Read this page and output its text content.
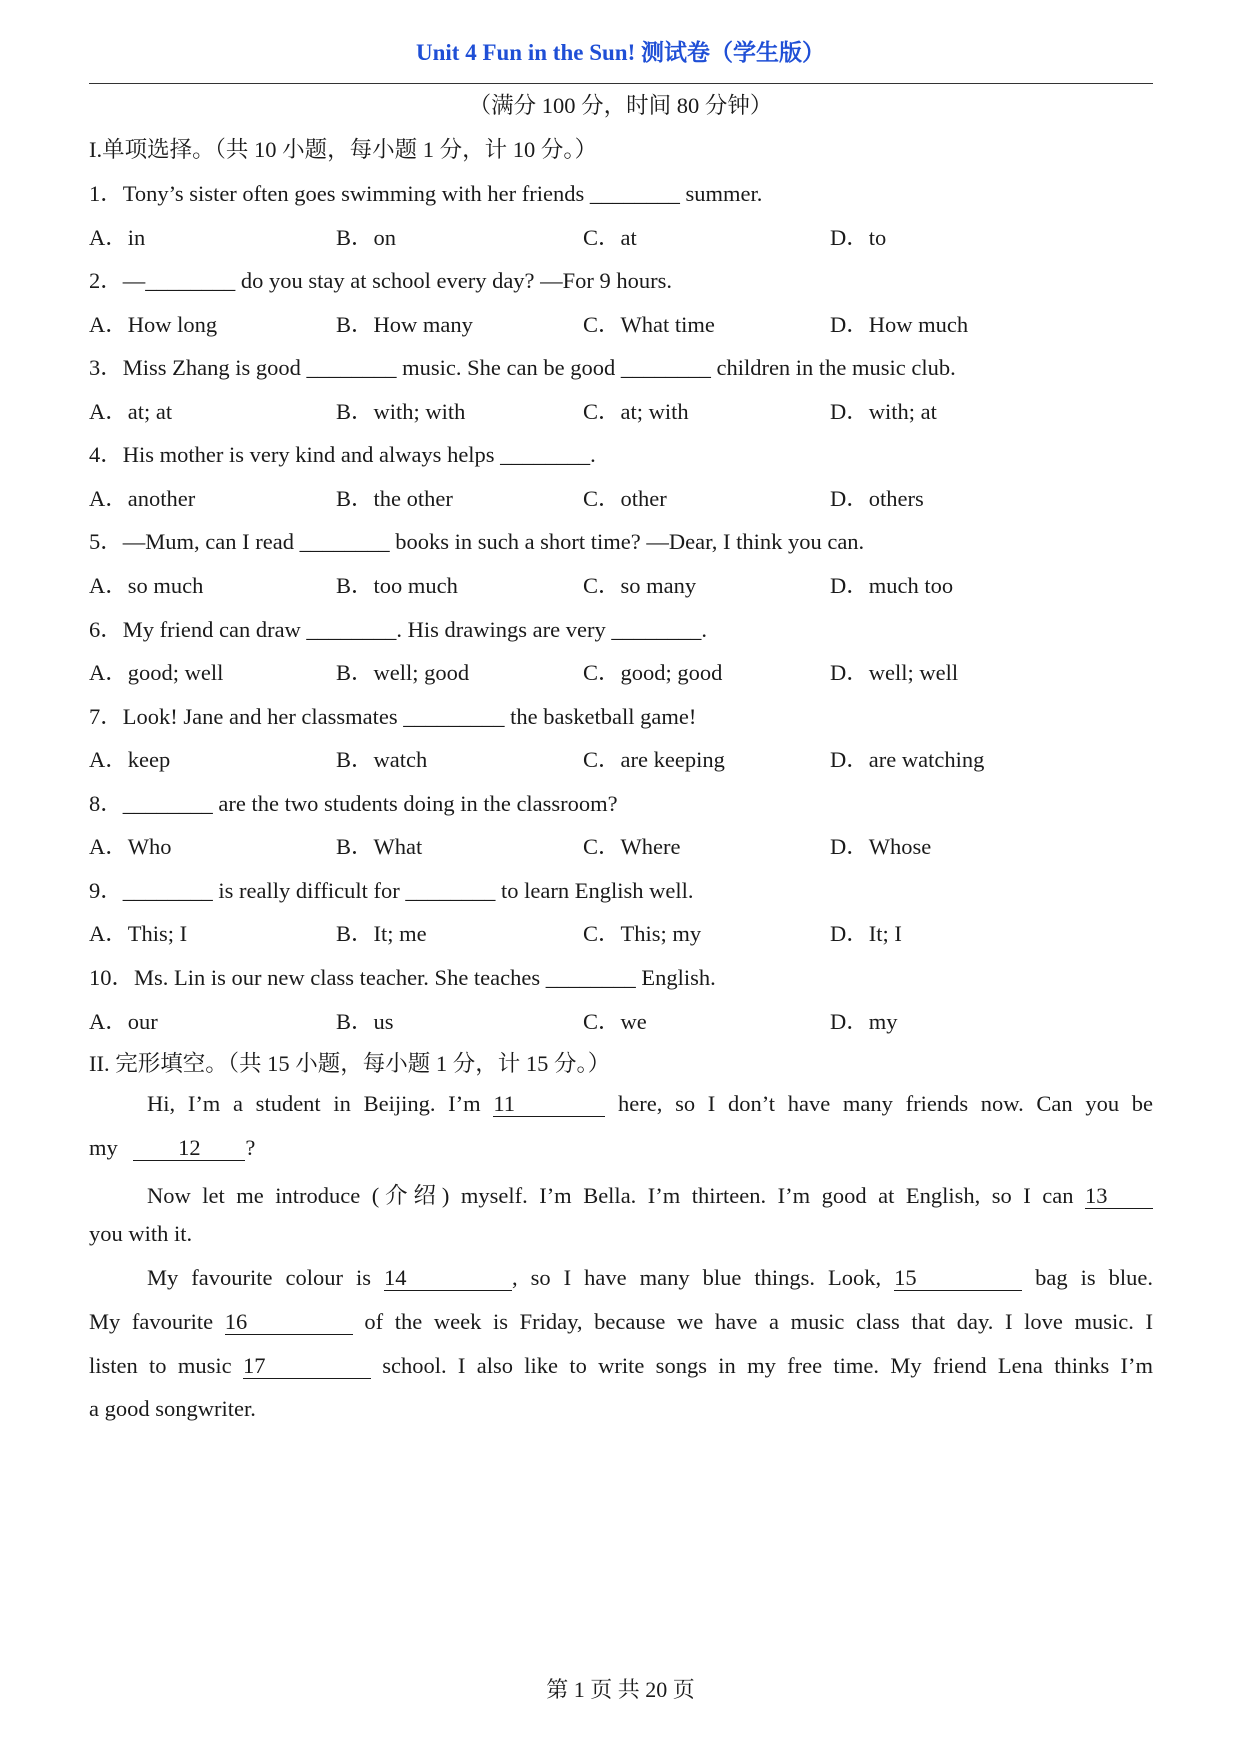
Unit 4 Fun in the Sun! 测试卷（学生版）
（满分 100 分，时间 80 分钟）
I.单项选择。（共 10 小题，每小题 1 分，计 10 分。）
1．Tony’s sister often goes swimming with her friends ________ summer.
A．in	B．on	C．at	D．to
2．—________ do you stay at school every day? —For 9 hours.
A．How long	B．How many	C．What time	D．How much
3．Miss Zhang is good ________ music. She can be good ________ children in the music club.
A．at; at	B．with; with	C．at; with	D．with; at
4．His mother is very kind and always helps ________.
A．another	B．the other	C．other	D．others
5．—Mum, can I read ________ books in such a short time? —Dear, I think you can.
A．so much	B．too much	C．so many	D．much too
6．My friend can draw ________. His drawings are very ________.
A．good; well	B．well; good	C．good; good	D．well; well
7．Look! Jane and her classmates _________ the basketball game!
A．keep	B．watch	C．are keeping	D．are watching
8．________ are the two students doing in the classroom?
A．Who	B．What	C．Where	D．Whose
9．________ is really difficult for ________ to learn English well.
A．This; I	B．It; me	C．This; my	D．It; I
10．Ms. Lin is our new class teacher. She teaches ________ English.
A．our	B．us	C．we	D．my
II. 完形填空。（共 15 小题，每小题 1 分，计 15 分。）
Hi, I’m a student in Beijing. I’m 11	here, so I don’t have many friends now. Can you be
my	12 ?
Now let me introduce (介绍) myself. I’m Bella. I’m thirteen. I’m good at English, so I can 13
you with it.
My favourite colour is 14	, so I have many blue things. Look, 15	bag is blue.
My favourite 16	of the week is Friday, because we have a music class that day. I love music. I
listen to music 17	school. I also like to write songs in my free time. My friend Lena thinks I’m
a good songwriter.
第 1 页 共 20 页
